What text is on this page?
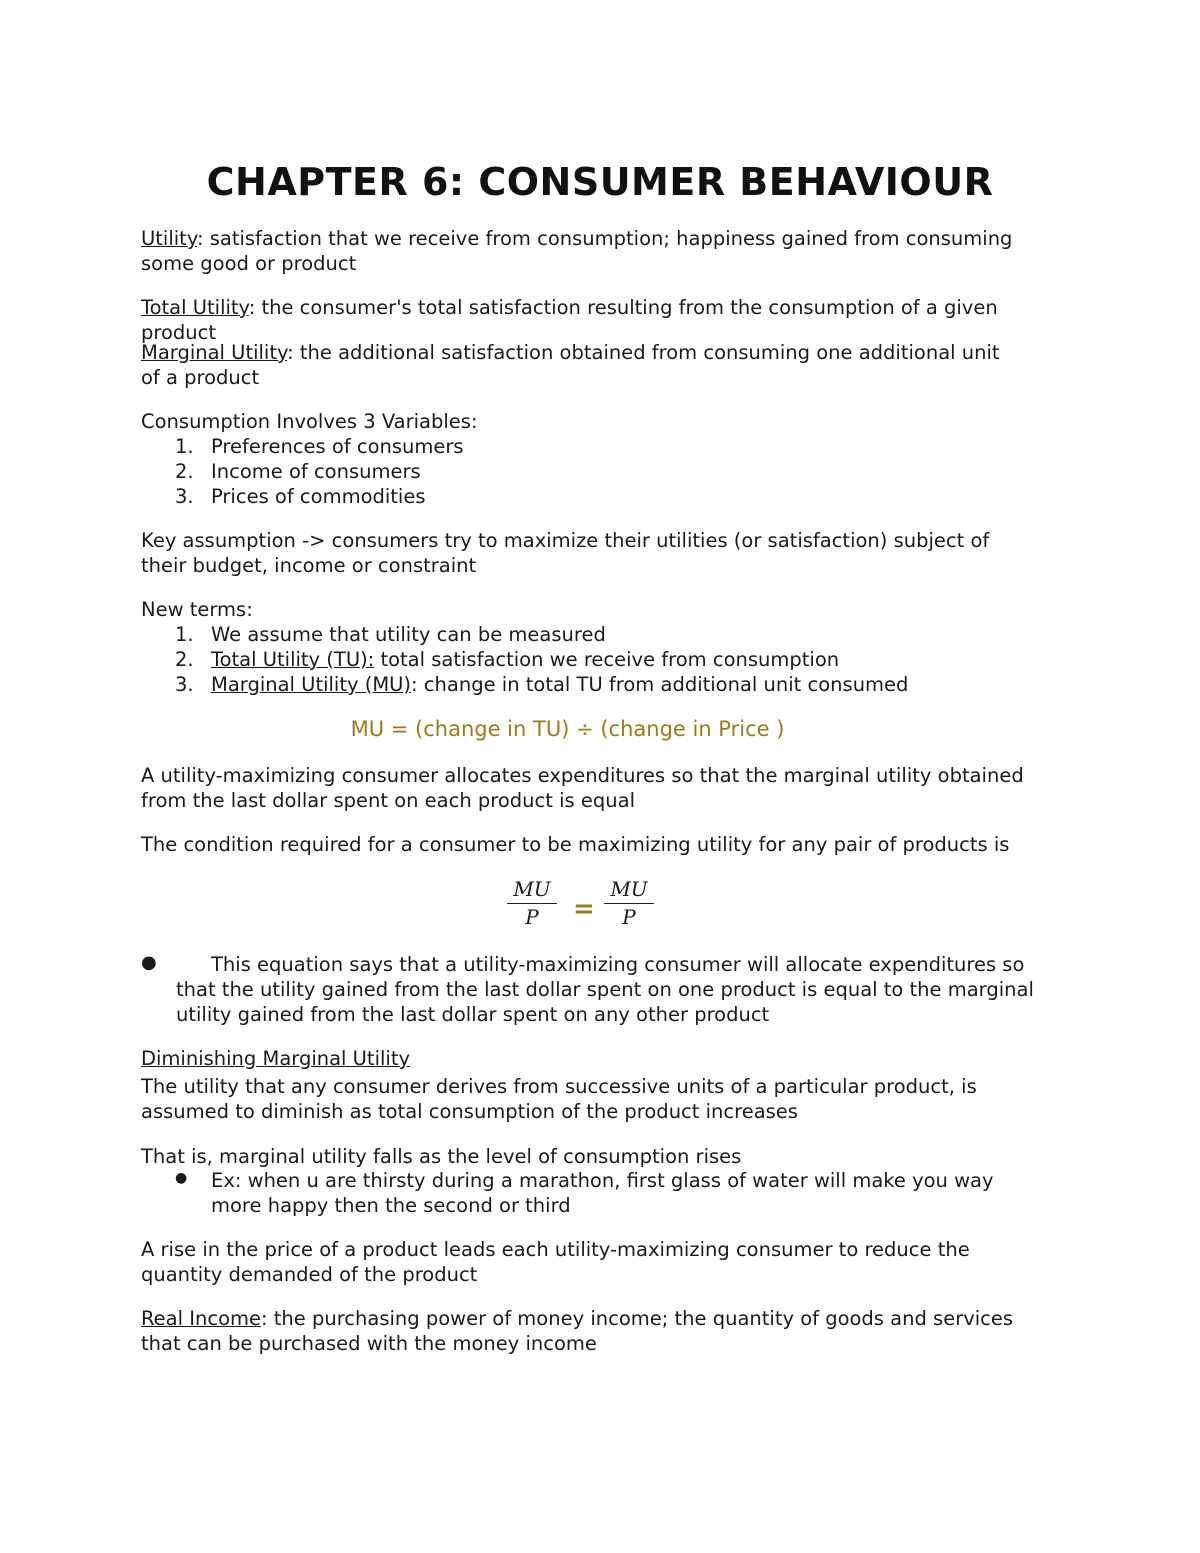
CHAPTER 6: CONSUMER BEHAVIOUR
Utility: satisfaction that we receive from consumption; happiness gained from consuming some good or product
Total Utility: the consumer's total satisfaction resulting from the consumption of a given product
Marginal Utility: the additional satisfaction obtained from consuming one additional unit of a product
Consumption Involves 3 Variables:
1. Preferences of consumers
2. Income of consumers
3. Prices of commodities
Key assumption -> consumers try to maximize their utilities (or satisfaction) subject of their budget, income or constraint
New terms:
1. We assume that utility can be measured
2. Total Utility (TU): total satisfaction we receive from consumption
3. Marginal Utility (MU): change in total TU from additional unit consumed
MU = (change in TU) ÷ (change in Price )
A utility-maximizing consumer allocates expenditures so that the marginal utility obtained from the last dollar spent on each product is equal
The condition required for a consumer to be maximizing utility for any pair of products is
$\frac{MU}{P} = \frac{MU}{P}$
●	This equation says that a utility-maximizing consumer will allocate expenditures so that the utility gained from the last dollar spent on one product is equal to the marginal utility gained from the last dollar spent on any other product
Diminishing Marginal Utility
The utility that any consumer derives from successive units of a particular product, is assumed to diminish as total consumption of the product increases
That is, marginal utility falls as the level of consumption rises
● Ex: when u are thirsty during a marathon, first glass of water will make you way more happy then the second or third
A rise in the price of a product leads each utility-maximizing consumer to reduce the quantity demanded of the product
Real Income: the purchasing power of money income; the quantity of goods and services that can be purchased with the money income
